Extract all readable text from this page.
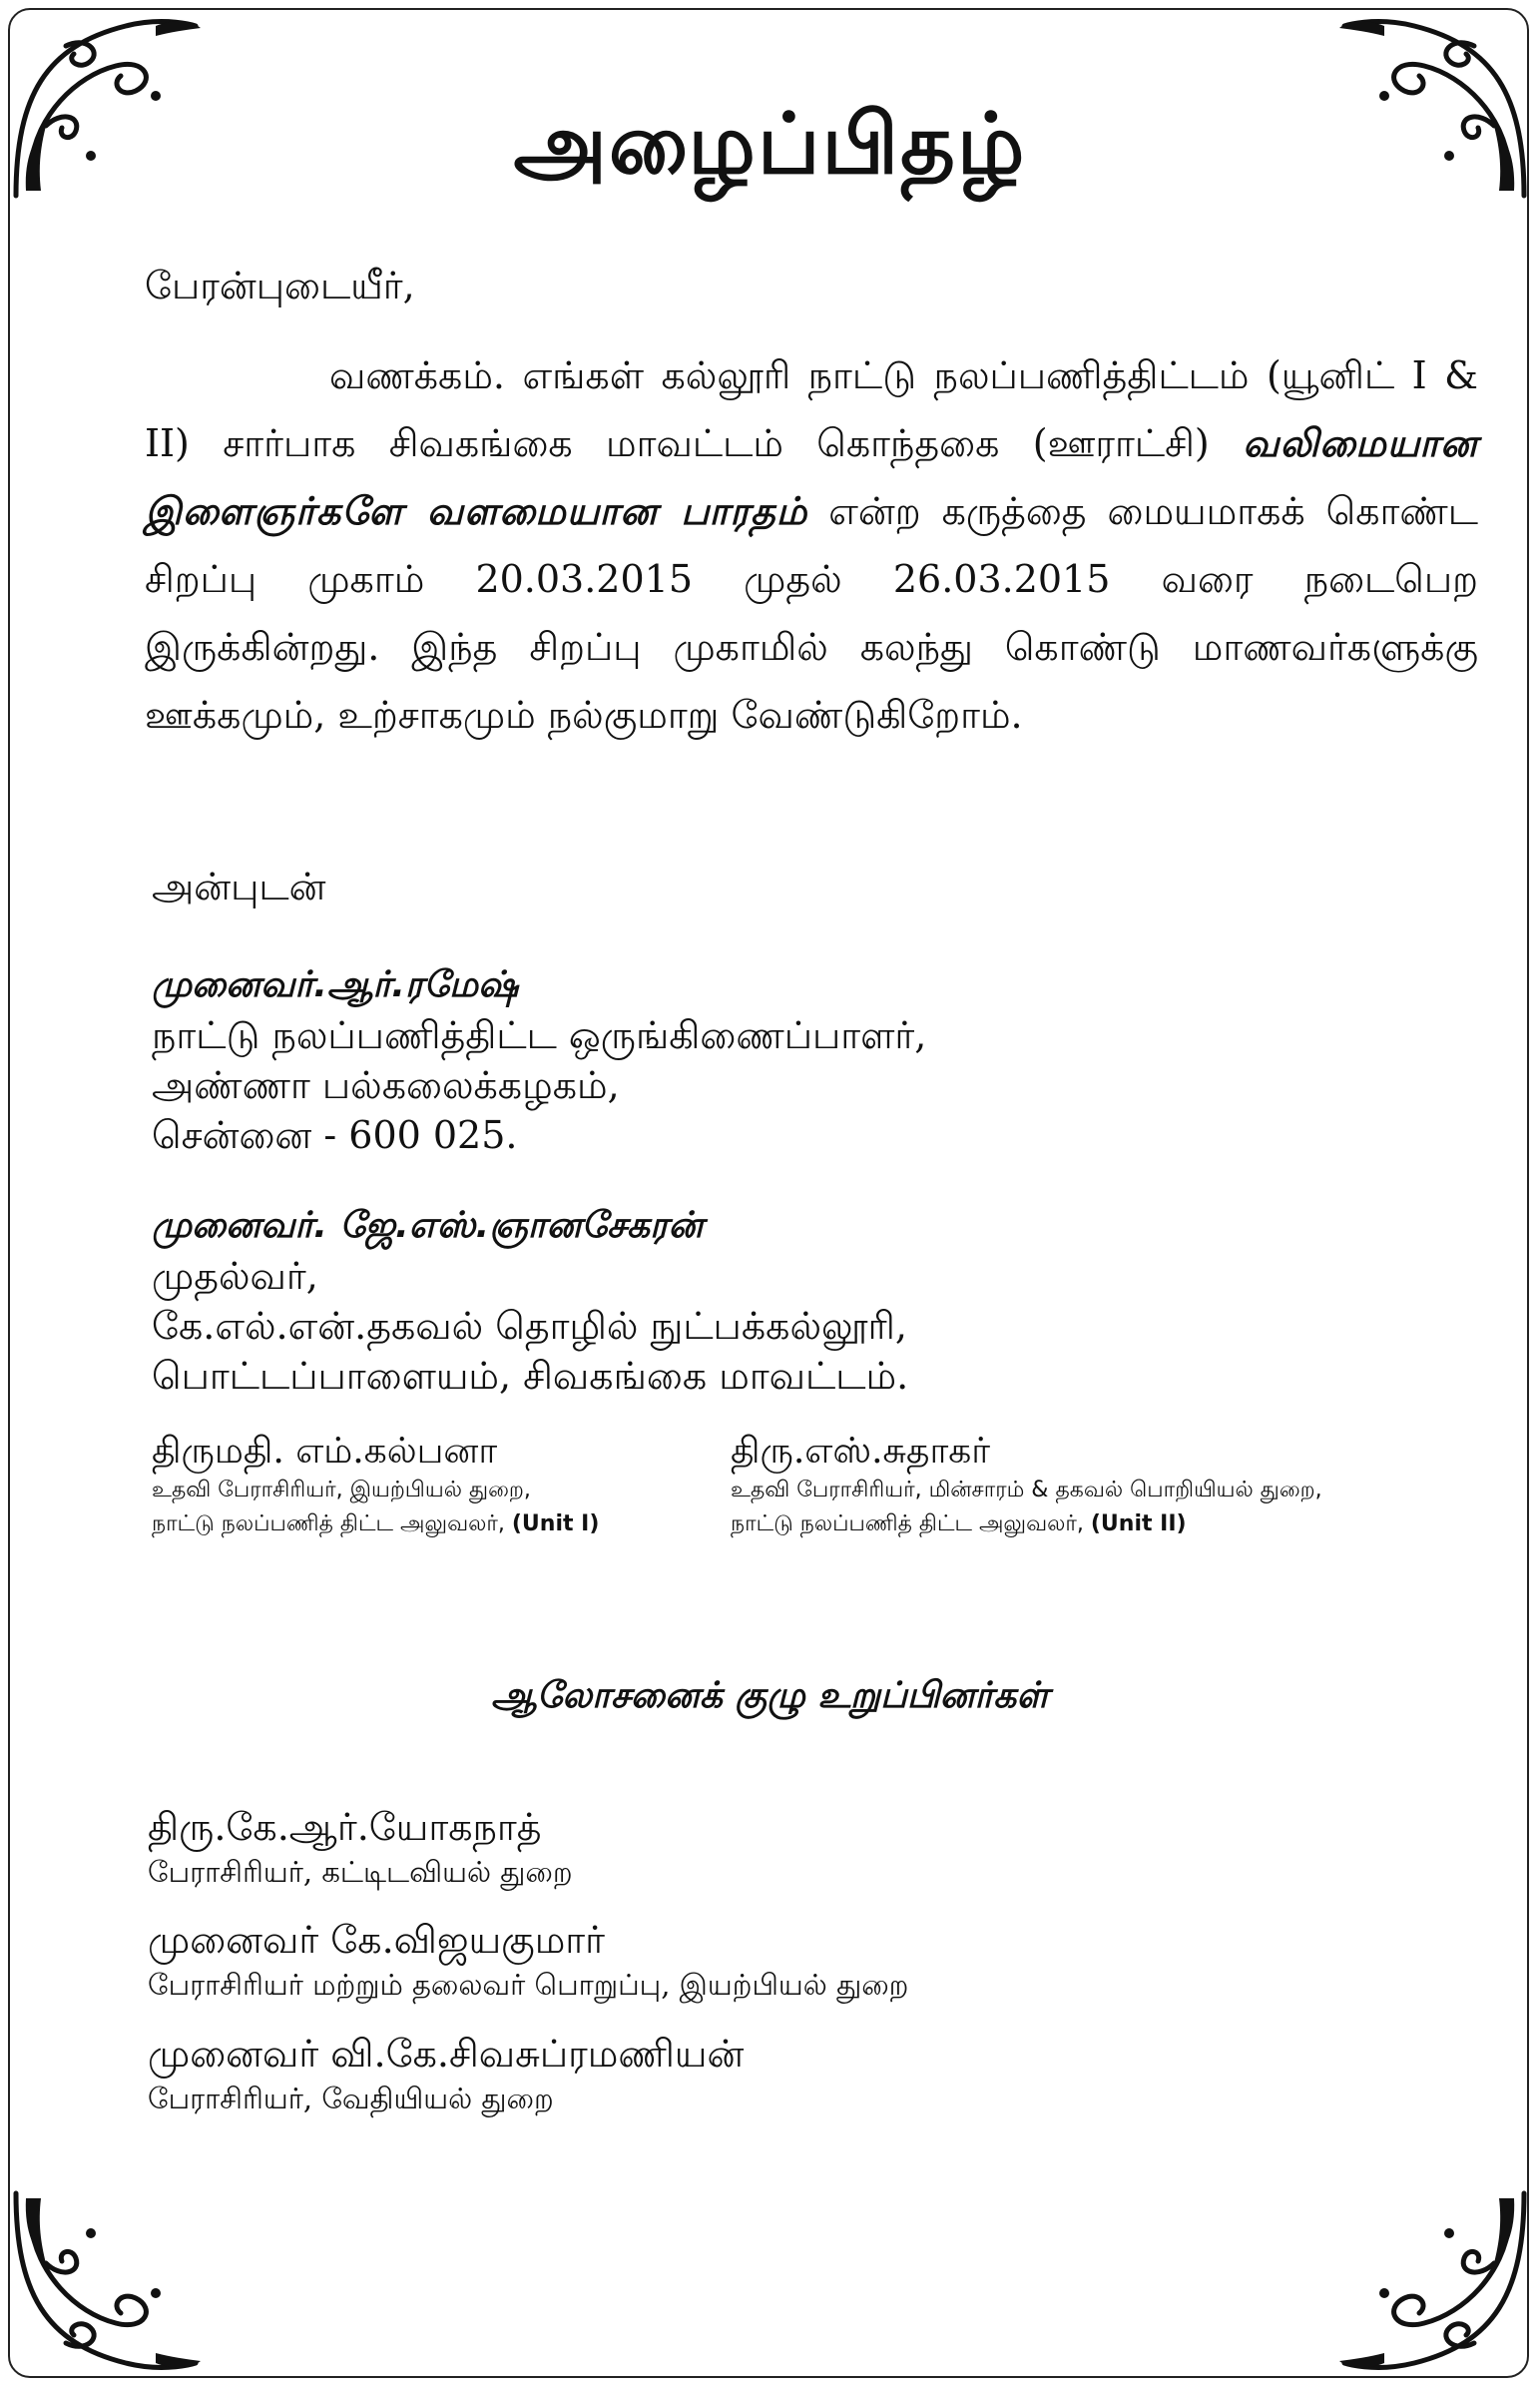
அழைப்பிதழ்
பேரன்புடையீர்,
வணக்கம். எங்கள் கல்லூரி நாட்டு நலப்பணித்திட்டம் (யூனிட் I & II) சார்பாக சிவகங்கை மாவட்டம் கொந்தகை (ஊராட்சி) வலிமையான இளைஞர்களே வளமையான பாரதம் என்ற கருத்தை மையமாகக் கொண்ட சிறப்பு முகாம் 20.03.2015 முதல் 26.03.2015 வரை நடைபெற இருக்கின்றது. இந்த சிறப்பு முகாமில் கலந்து கொண்டு மாணவர்களுக்கு ஊக்கமும், உற்சாகமும் நல்குமாறு வேண்டுகிறோம்.
அன்புடன்
முனைவர்.ஆர்.ரமேஷ்
நாட்டு நலப்பணித்திட்ட ஒருங்கிணைப்பாளர்,
அண்ணா பல்கலைக்கழகம்,
சென்னை - 600 025.
முனைவர். ஜே.எஸ்.ஞானசேகரன்
முதல்வர்,
கே.எல்.என்.தகவல் தொழில் நுட்பக்கல்லூரி,
பொட்டப்பாளையம், சிவகங்கை மாவட்டம்.
திருமதி. எம்.கல்பனா
உதவி பேராசிரியர், இயற்பியல் துறை,
நாட்டு நலப்பணித் திட்ட அலுவலர், (Unit I)
திரு.எஸ்.சுதாகர்
உதவி பேராசிரியர், மின்சாரம் & தகவல் பொறியியல் துறை,
நாட்டு நலப்பணித் திட்ட அலுவலர், (Unit II)
ஆலோசனைக் குழு உறுப்பினர்கள்
திரு.கே.ஆர்.யோகநாத்
பேராசிரியர், கட்டிடவியல் துறை
முனைவர் கே.விஜயகுமார்
பேராசிரியர் மற்றும் தலைவர் பொறுப்பு, இயற்பியல் துறை
முனைவர் வி.கே.சிவசுப்ரமணியன்
பேராசிரியர், வேதியியல் துறை
